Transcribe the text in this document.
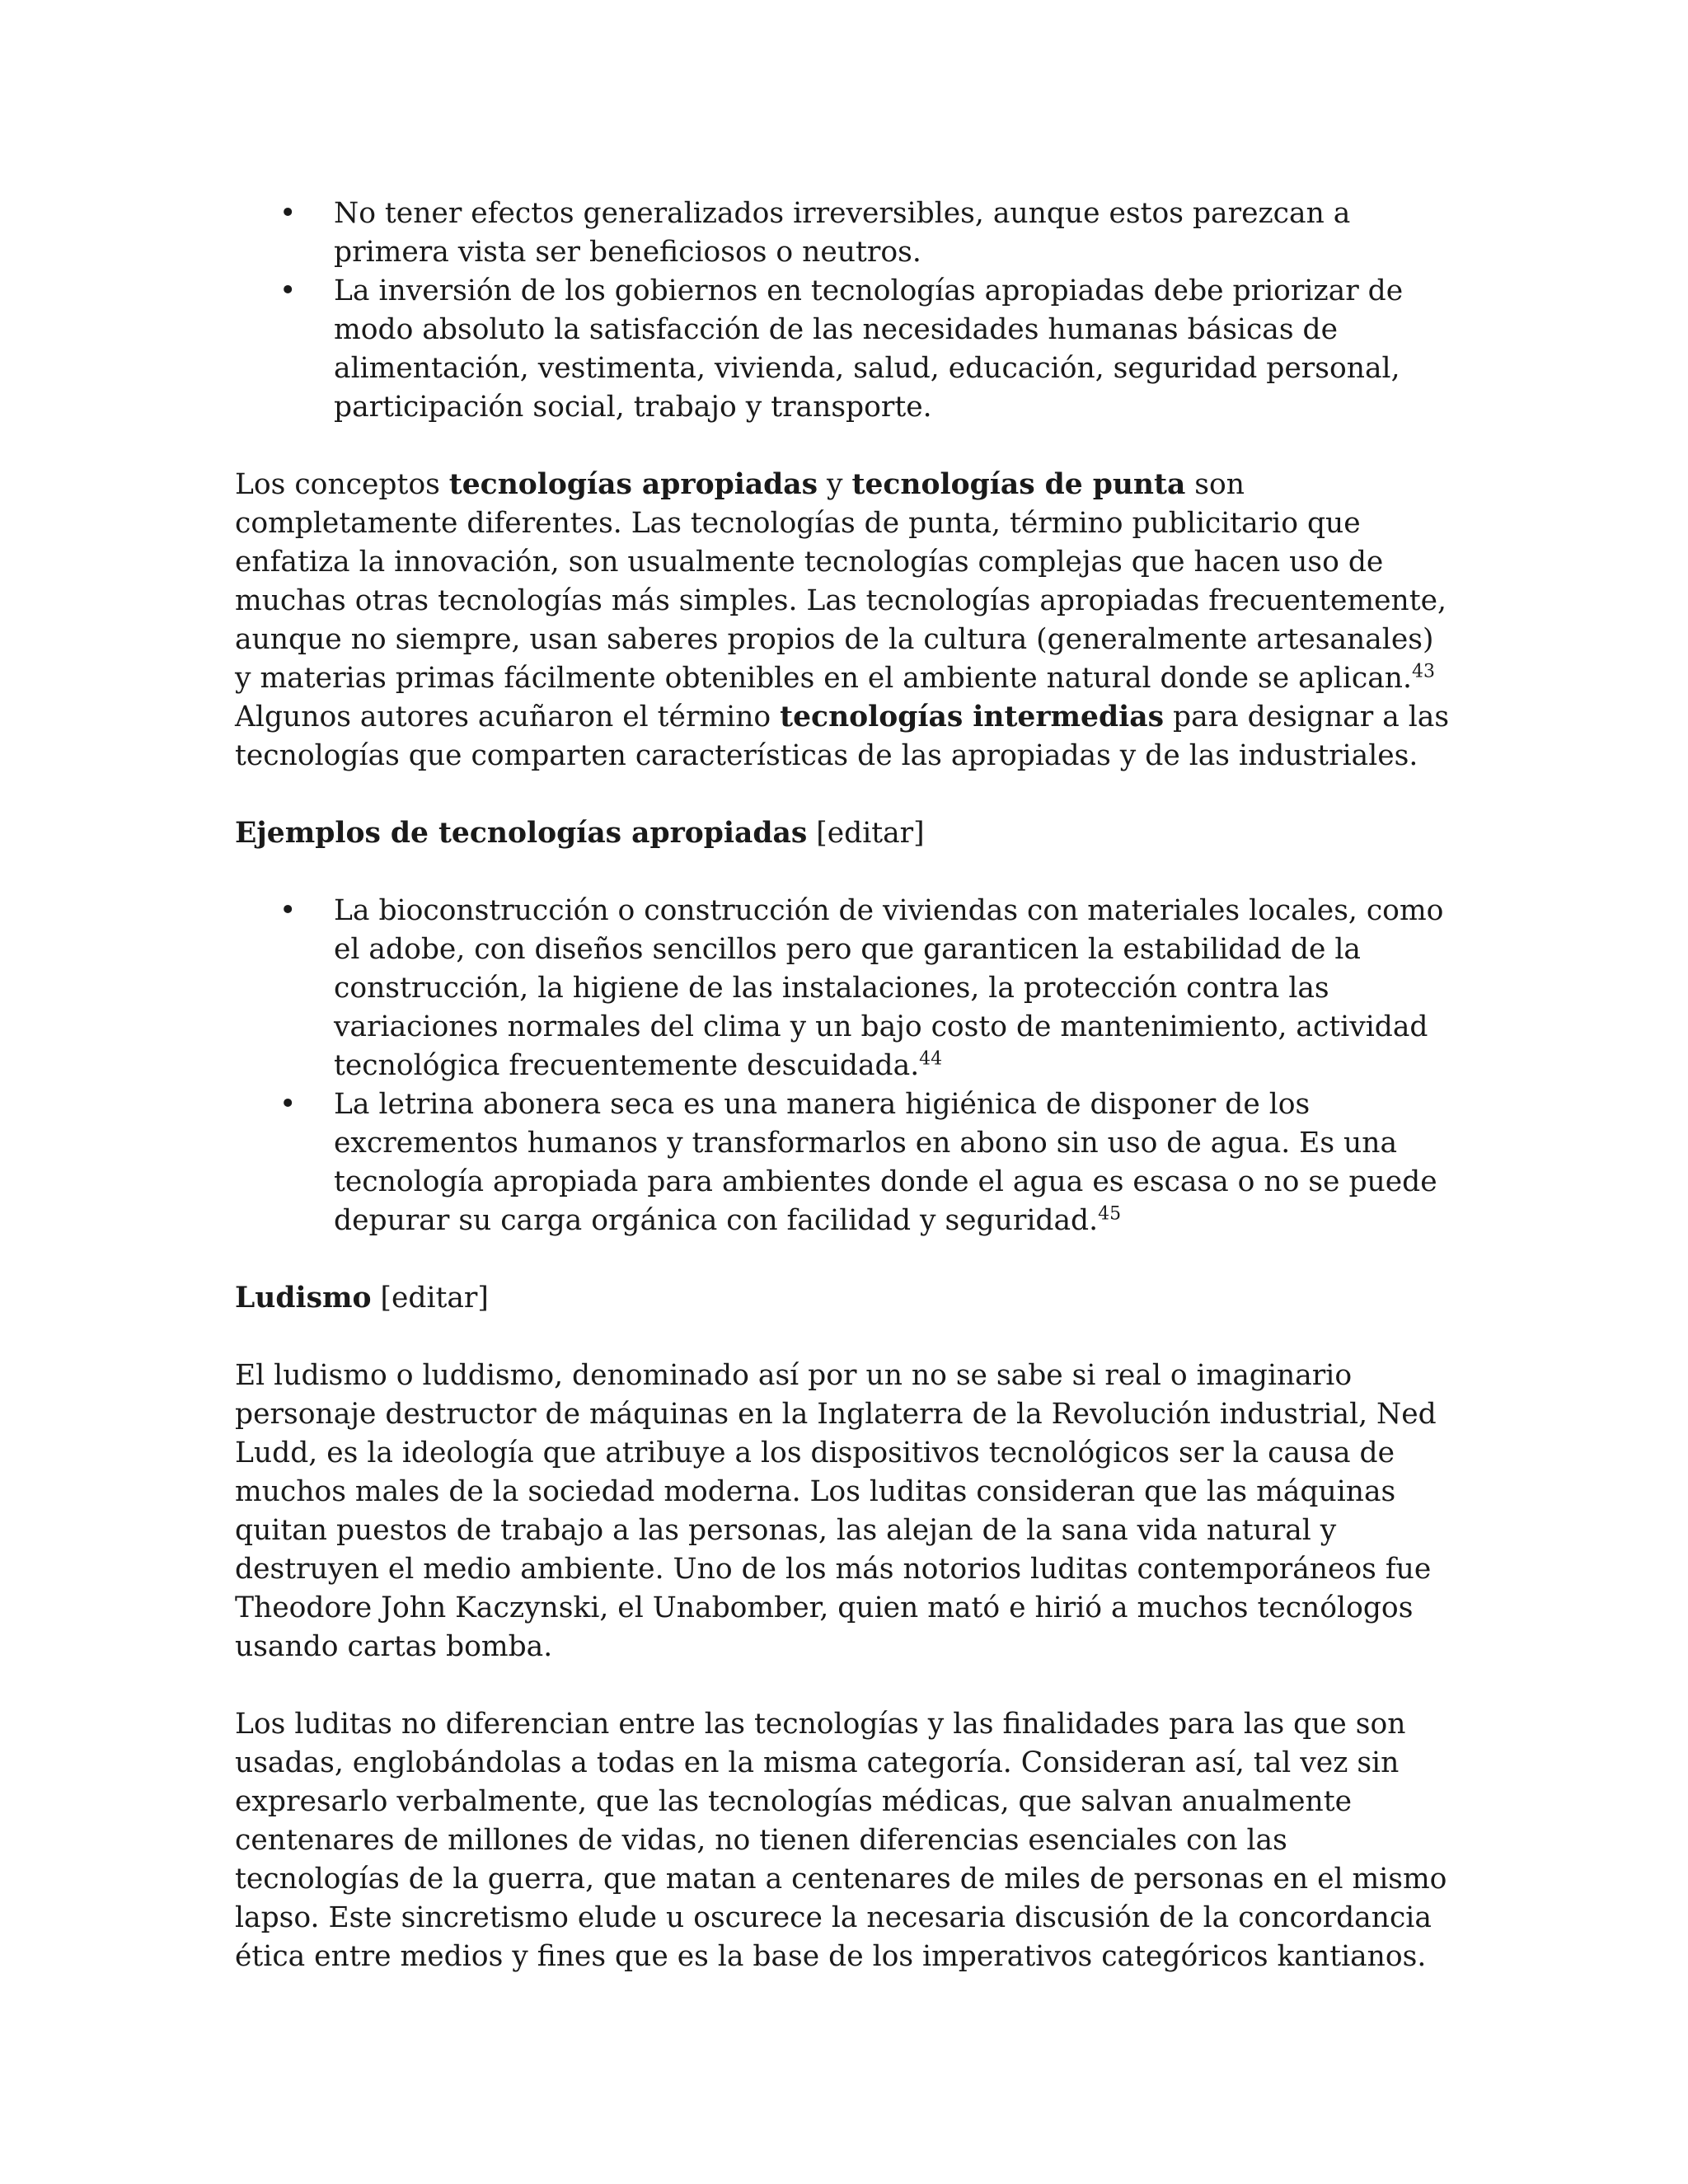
• No tener efectos generalizados irreversibles, aunque estos parezcan a primera vista ser beneficiosos o neutros.
• La inversión de los gobiernos en tecnologías apropiadas debe priorizar de modo absoluto la satisfacción de las necesidades humanas básicas de alimentación, vestimenta, vivienda, salud, educación, seguridad personal, participación social, trabajo y transporte.

Los conceptos tecnologías apropiadas y tecnologías de punta son completamente diferentes. Las tecnologías de punta, término publicitario que enfatiza la innovación, son usualmente tecnologías complejas que hacen uso de muchas otras tecnologías más simples. Las tecnologías apropiadas frecuentemente, aunque no siempre, usan saberes propios de la cultura (generalmente artesanales) y materias primas fácilmente obtenibles en el ambiente natural donde se aplican.$^{43}$ Algunos autores acuñaron el término tecnologías intermedias para designar a las tecnologías que comparten características de las apropiadas y de las industriales.

Ejemplos de tecnologías apropiadas [editar]
• La bioconstrucción o construcción de viviendas con materiales locales, como el adobe, con diseños sencillos pero que garanticen la estabilidad de la construcción, la higiene de las instalaciones, la protección contra las variaciones normales del clima y un bajo costo de mantenimiento, actividad tecnológica frecuentemente descuidada.$^{44}$
• La letrina abonera seca es una manera higiénica de disponer de los excrementos humanos y transformarlos en abono sin uso de agua. Es una tecnología apropiada para ambientes donde el agua es escasa o no se puede depurar su carga orgánica con facilidad y seguridad.$^{45}$
Ludismo [editar]

El ludismo o luddismo, denominado así por un no se sabe si real o imaginario personaje destructor de máquinas en la Inglaterra de la Revolución industrial, Ned Ludd, es la ideología que atribuye a los dispositivos tecnológicos ser la causa de muchos males de la sociedad moderna. Los luditas consideran que las máquinas quitan puestos de trabajo a las personas, las alejan de la sana vida natural y destruyen el medio ambiente. Uno de los más notorios luditas contemporáneos fue Theodore John Kaczynski, el Unabomber, quien mató e hirió a muchos tecnólogos usando cartas bomba.

Los luditas no diferencian entre las tecnologías y las finalidades para las que son usadas, englobándolas a todas en la misma categoría. Consideran así, tal vez sin expresarlo verbalmente, que las tecnologías médicas, que salvan anualmente centenares de millones de vidas, no tienen diferencias esenciales con las tecnologías de la guerra, que matan a centenares de miles de personas en el mismo lapso. Este sincretismo elude u oscurece la necesaria discusión de la concordancia ética entre medios y fines que es la base de los imperativos categóricos kantianos.
